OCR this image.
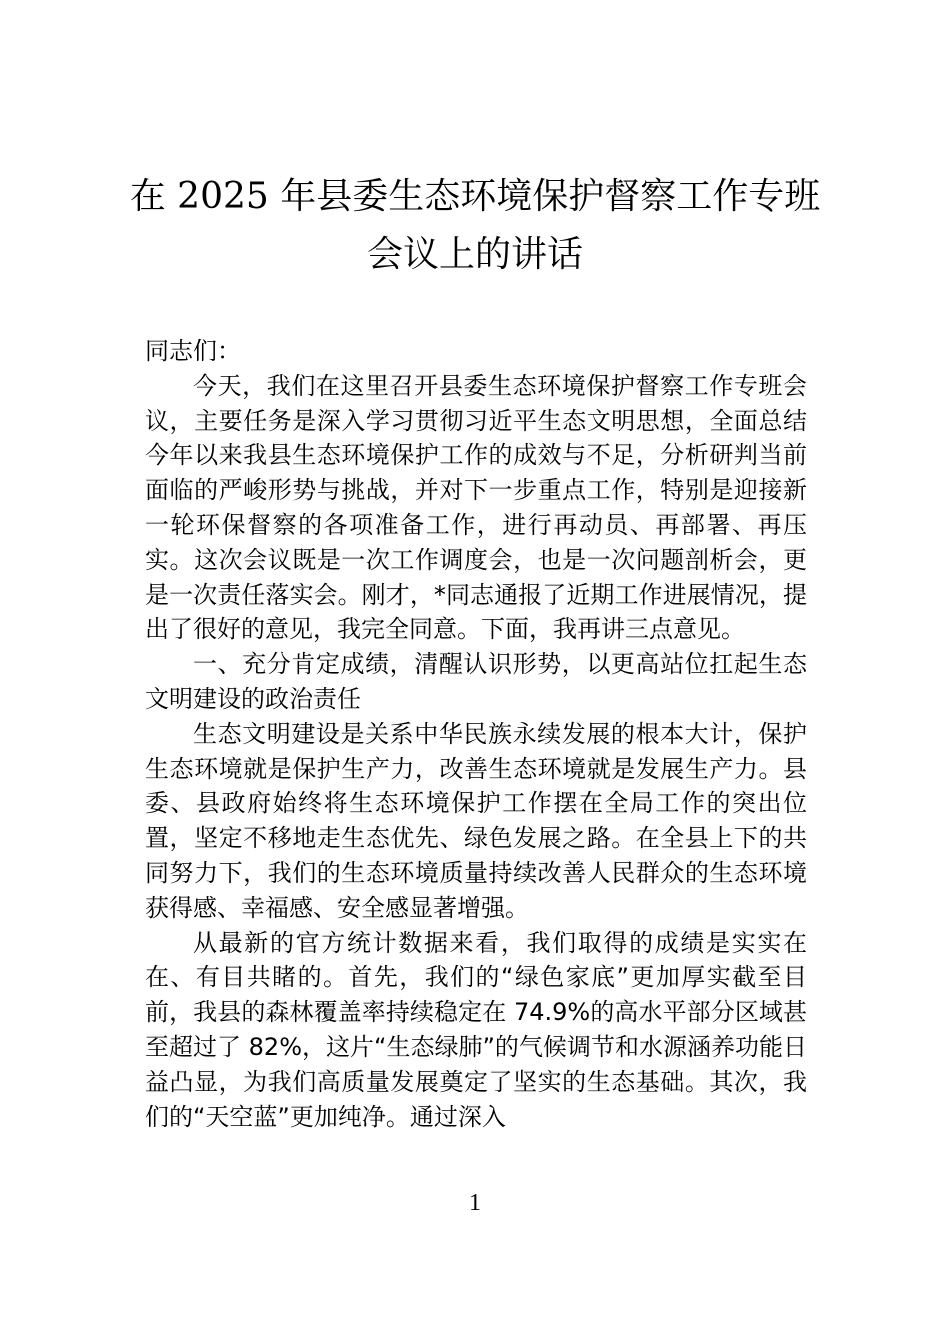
在 2025 年县委生态环境保护督察工作专班
会议上的讲话

同志们：

今天，我们在这里召开县委生态环境保护督察工作专班会议，主要任务是深入学习贯彻习近平生态文明思想，全面总结今年以来我县生态环境保护工作的成效与不足，分析研判当前面临的严峻形势与挑战，并对下一步重点工作，特别是迎接新一轮环保督察的各项准备工作，进行再动员、再部署、再压实。这次会议既是一次工作调度会，也是一次问题剖析会，更是一次责任落实会。刚才，*同志通报了近期工作进展情况，提出了很好的意见，我完全同意。下面，我再讲三点意见。

一、充分肯定成绩，清醒认识形势，以更高站位扛起生态文明建设的政治责任

生态文明建设是关系中华民族永续发展的根本大计，保护生态环境就是保护生产力，改善生态环境就是发展生产力。县委、县政府始终将生态环境保护工作摆在全局工作的突出位置，坚定不移地走生态优先、绿色发展之路。在全县上下的共同努力下，我们的生态环境质量持续改善人民群众的生态环境获得感、幸福感、安全感显著增强。

从最新的官方统计数据来看，我们取得的成绩是实实在在、有目共睹的。首先，我们的“绿色家底”更加厚实截至目前，我县的森林覆盖率持续稳定在 74.9%的高水平部分区域甚至超过了 82%，这片“生态绿肺”的气候调节和水源涵养功能日益凸显，为我们高质量发展奠定了坚实的生态基础。其次，我们的“天空蓝”更加纯净。通过深入

1
